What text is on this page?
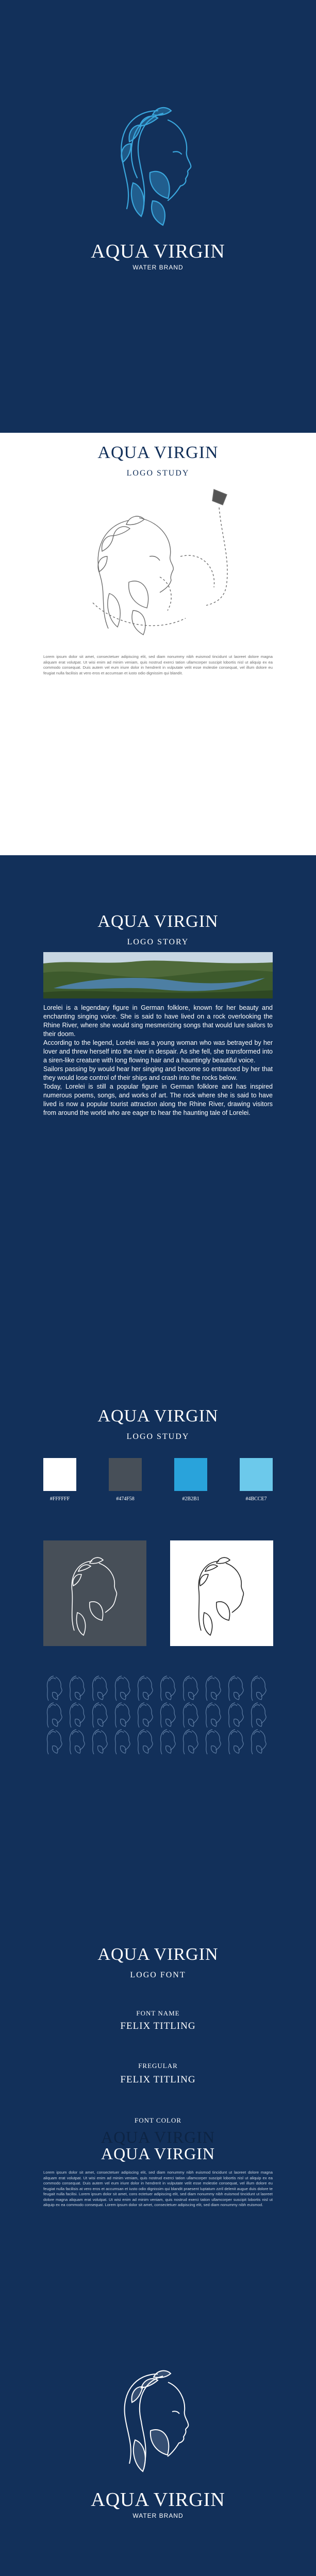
AQUA VIRGIN
WATER BRAND
AQUA VIRGIN
LOGO STUDY
Lorem ipsum dolor sit amet, consectetuer adipiscing elit, sed diam nonummy nibh euismod tincidunt ut laoreet dolore magna aliquam erat volutpat. Ut wisi enim ad minim veniam, quis nostrud exerci tation ullamcorper suscipit lobortis nisl ut aliquip ex ea commodo consequat. Duis autem vel eum iriure dolor in hendrerit in vulputate velit esse molestie consequat, vel illum dolore eu feugiat nulla facilisis at vero eros et accumsan et iusto odio dignissim qui blandit.
AQUA VIRGIN
LOGO STORY
Lorelei is a legendary figure in German folklore, known for her beauty and enchanting singing voice. She is said to have lived on a rock overlooking the Rhine River, where she would sing mesmerizing songs that would lure sailors to their doom.
According to the legend, Lorelei was a young woman who was betrayed by her lover and threw herself into the river in despair. As she fell, she transformed into a siren-like creature with long flowing hair and a hauntingly beautiful voice.
Sailors passing by would hear her singing and become so entranced by her that they would lose control of their ships and crash into the rocks below.
Today, Lorelei is still a popular figure in German folklore and has inspired numerous poems, songs, and works of art. The rock where she is said to have lived is now a popular tourist attraction along the Rhine River, drawing visitors from around the world who are eager to hear the haunting tale of Lorelei.
AQUA VIRGIN
LOGO STUDY
#FFFFFF	#474F58	#2B2B1	#4BCCE7
AQUA VIRGIN
LOGO FONT
FONT NAME
FELIX TITLING
FREGULAR
FELIX TITLING
FONT COLOR
AQUA VIRGIN
AQUA VIRGIN
Lorem ipsum dolor sit amet, consectetuer adipiscing elit, sed diam nonummy nibh euismod tincidunt ut laoreet dolore magna aliquam erat volutpat. Ut wisi enim ad minim veniam, quis nostrud exerci tation ullamcorper suscipit lobortis nisl ut aliquip ex ea commodo consequat. Duis autem vel eum iriure dolor in hendrerit in vulputate velit esse molestie consequat, vel illum dolore eu feugiat nulla facilisis at vero eros et accumsan et iusto odio dignissim qui blandit praesent luptatum zzril delenit augue duis dolore te feugait nulla facilisi. Lorem ipsum dolor sit amet, cons ectetuer adipiscing elit, sed diam nonummy nibh euismod tincidunt ut laoreet dolore magna aliquam erat volutpat. Ut wisi enim ad minim veniam, quis nostrud exerci tation ullamcorper suscipit lobortis nisl ut aliquip ex ea commodo consequat. Lorem ipsum dolor sit amet, consectetuer adipiscing elit, sed diam nonummy nibh euismod.
AQUA VIRGIN
WATER BRAND
